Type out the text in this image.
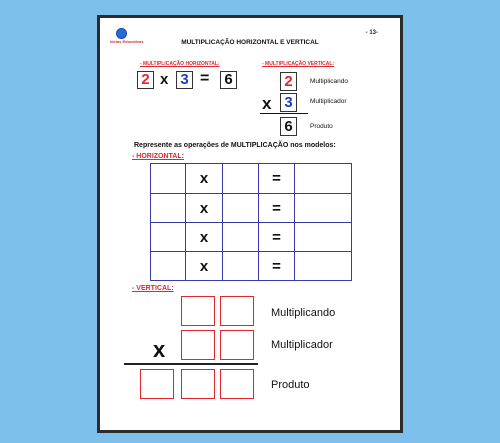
Ideias Educativas
- 13-
MULTIPLICAÇÃO HORIZONTAL E VERTICAL
- MULTIPLICAÇÃO HORIZONTAL:
2 x 3 = 6
- MULTIPLICAÇÃO VERTICAL:
2	Multiplicando
x 3	Multiplicador
6	Produto
Represente as operações de MULTIPLICAÇÃO nos modelos:
- HORIZONTAL:
	x		=	
	x		=	
	x		=	
	x		=	
- VERTICAL:
Multiplicando
x	Multiplicador
Produto
